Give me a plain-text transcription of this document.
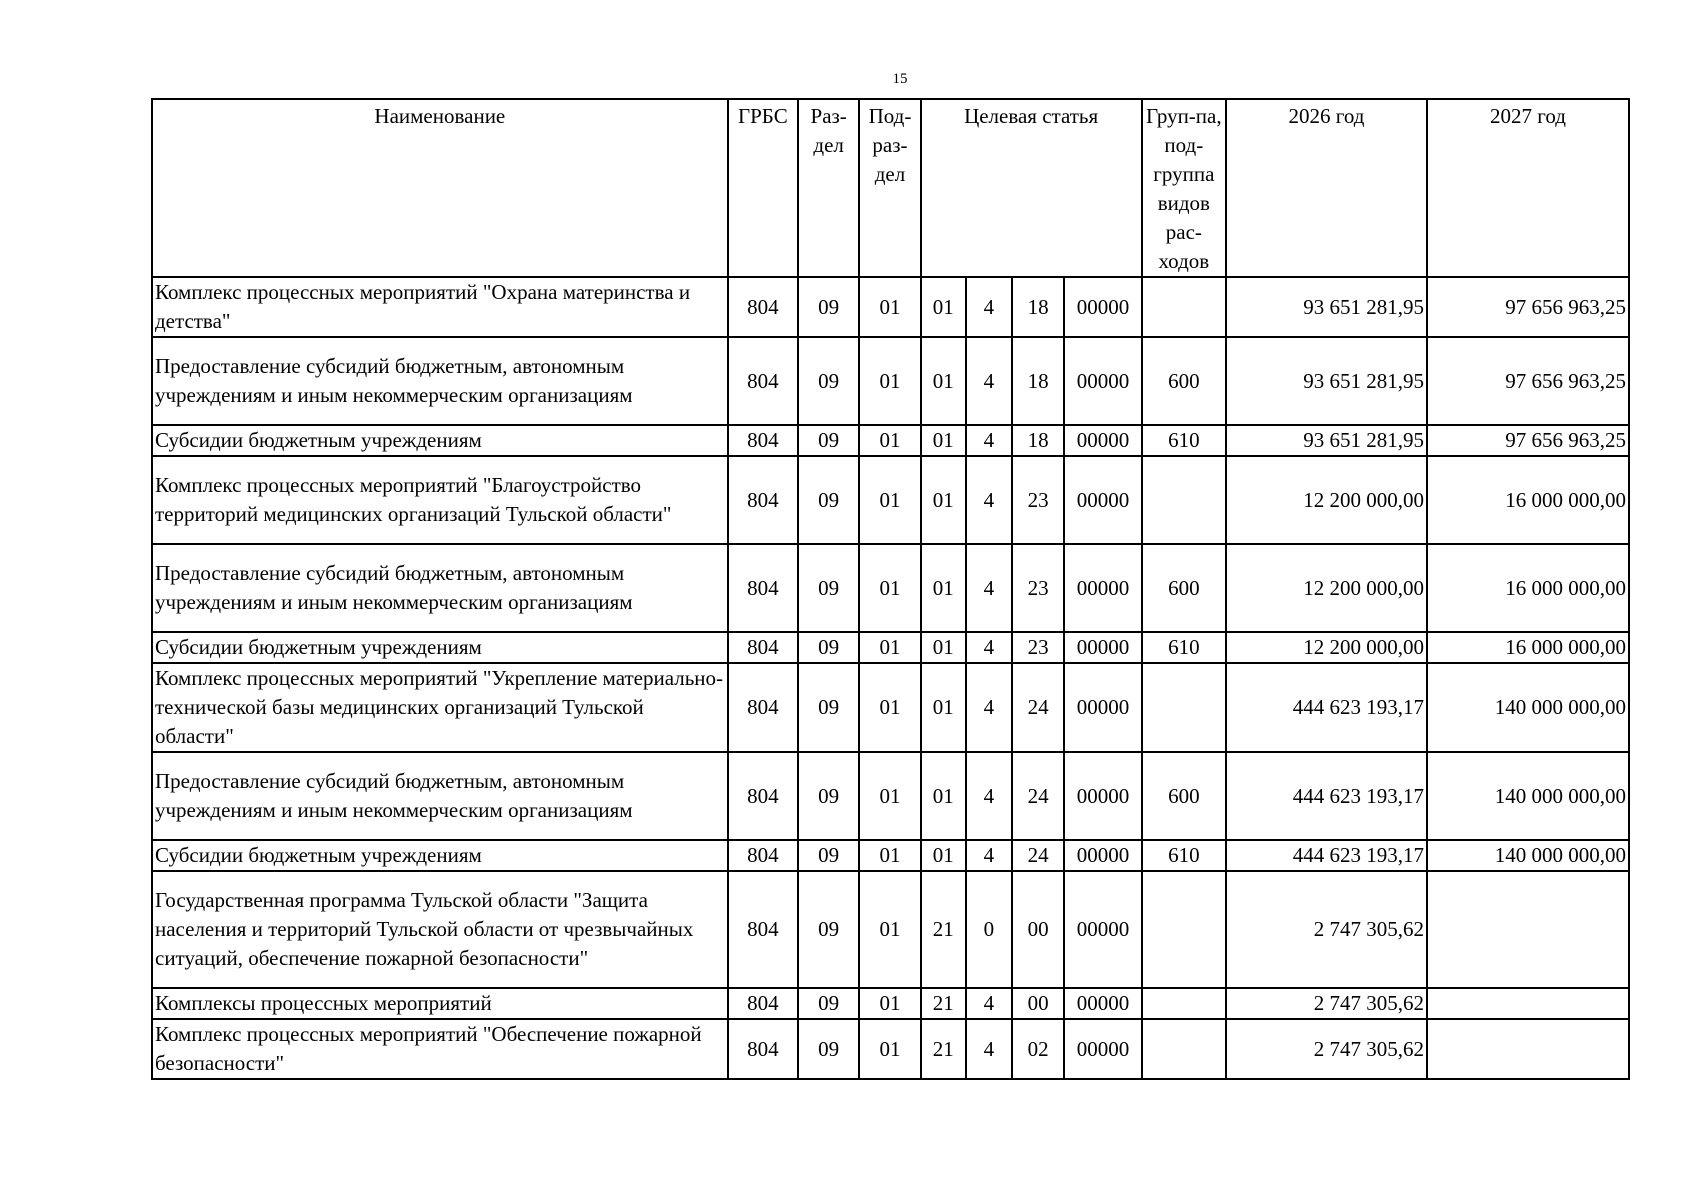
15
Наименование	ГРБС	Раз-дел	Под-раз-дел	Целевая статья				Груп-па, под-группа видов рас-ходов	2026 год	2027 год
Комплекс процессных мероприятий "Охрана материнства и детства"	804	09	01	01	4	18	00000		93 651 281,95	97 656 963,25
Предоставление субсидий бюджетным, автономным учреждениям и иным некоммерческим организациям	804	09	01	01	4	18	00000	600	93 651 281,95	97 656 963,25
Субсидии бюджетным учреждениям	804	09	01	01	4	18	00000	610	93 651 281,95	97 656 963,25
Комплекс процессных мероприятий "Благоустройство территорий медицинских организаций Тульской области"	804	09	01	01	4	23	00000		12 200 000,00	16 000 000,00
Предоставление субсидий бюджетным, автономным учреждениям и иным некоммерческим организациям	804	09	01	01	4	23	00000	600	12 200 000,00	16 000 000,00
Субсидии бюджетным учреждениям	804	09	01	01	4	23	00000	610	12 200 000,00	16 000 000,00
Комплекс процессных мероприятий "Укрепление материально-технической базы медицинских организаций Тульской области"	804	09	01	01	4	24	00000		444 623 193,17	140 000 000,00
Предоставление субсидий бюджетным, автономным учреждениям и иным некоммерческим организациям	804	09	01	01	4	24	00000	600	444 623 193,17	140 000 000,00
Субсидии бюджетным учреждениям	804	09	01	01	4	24	00000	610	444 623 193,17	140 000 000,00
Государственная программа Тульской области "Защита населения и территорий Тульской области от чрезвычайных ситуаций, обеспечение пожарной безопасности"	804	09	01	21	0	00	00000		2 747 305,62	
Комплексы процессных мероприятий	804	09	01	21	4	00	00000		2 747 305,62	
Комплекс процессных мероприятий "Обеспечение пожарной безопасности"	804	09	01	21	4	02	00000		2 747 305,62	
